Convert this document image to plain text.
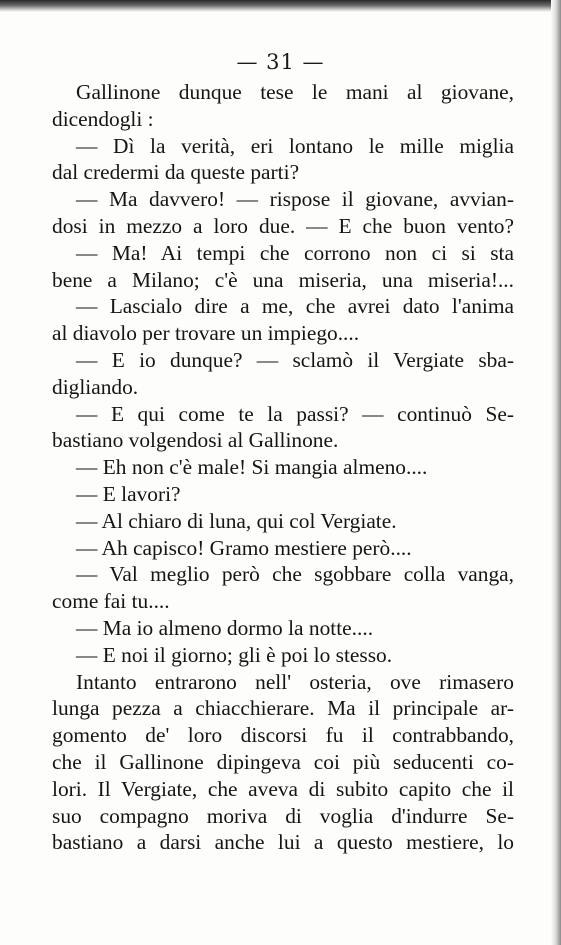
— 31 —
Gallinone dunque tese le mani al giovane,
dicendogli :
— Dì la verità, eri lontano le mille miglia
dal credermi da queste parti?
— Ma davvero! — rispose il giovane, avvian-
dosi in mezzo a loro due. — E che buon vento?
— Ma! Ai tempi che corrono non ci si sta
bene a Milano; c'è una miseria, una miseria!...
— Lascialo dire a me, che avrei dato l'anima
al diavolo per trovare un impiego....
— E io dunque? — sclamò il Vergiate sba-
digliando.
— E qui come te la passi? — continuò Se-
bastiano volgendosi al Gallinone.
— Eh non c'è male! Si mangia almeno....
— E lavori?
— Al chiaro di luna, qui col Vergiate.
— Ah capisco! Gramo mestiere però....
— Val meglio però che sgobbare colla vanga,
come fai tu....
— Ma io almeno dormo la notte....
— E noi il giorno; gli è poi lo stesso.
Intanto entrarono nell' osteria, ove rimasero
lunga pezza a chiacchierare. Ma il principale ar-
gomento de' loro discorsi fu il contrabbando,
che il Gallinone dipingeva coi più seducenti co-
lori. Il Vergiate, che aveva di subito capito che il
suo compagno moriva di voglia d'indurre Se-
bastiano a darsi anche lui a questo mestiere, lo
